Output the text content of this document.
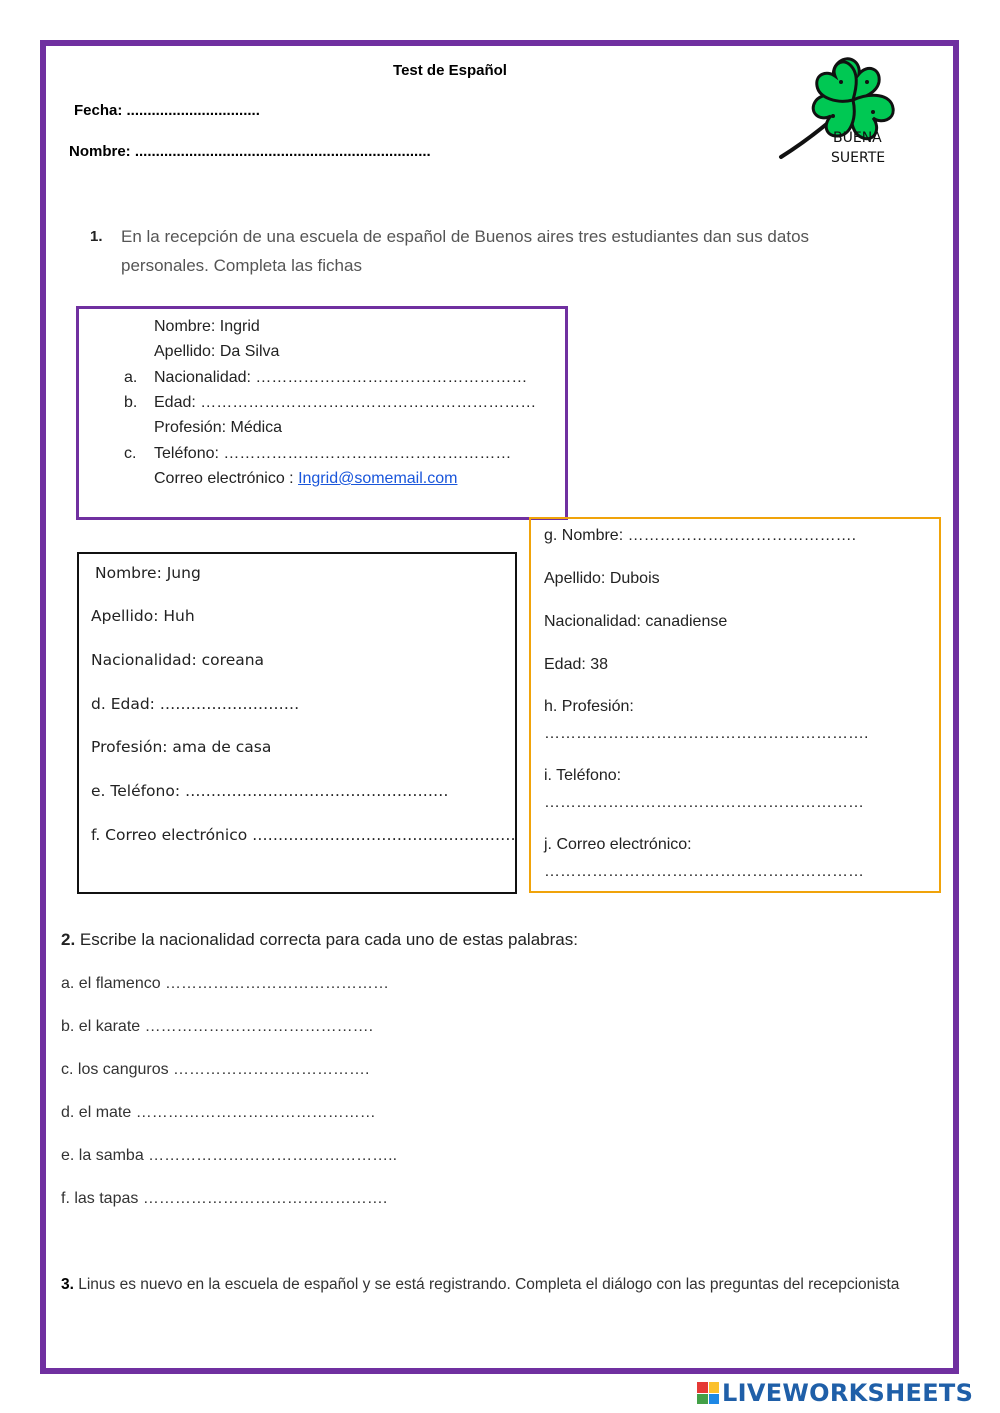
Test de Español
Fecha: ................................
Nombre: .......................................................................
BUENA
SUERTE
1. En la recepción de una escuela de español de Buenos aires tres estudiantes dan sus datos personales. Completa las fichas
Nombre: Ingrid
Apellido: Da Silva
a. Nacionalidad: ……………………………………………
b. Edad: ………………………………………………………
Profesión: Médica
c. Teléfono: ………………………………………………
Correo electrónico : Ingrid@somemail.com
Nombre: Jung
Apellido: Huh
Nacionalidad: coreana
d. Edad: ………………………
Profesión: ama de casa
e. Teléfono: ……………………………………………
f. Correo electrónico ……………………………………………
g. Nombre: …………………………………….
Apellido: Dubois
Nacionalidad: canadiense
Edad: 38
h. Profesión:
…………………………………………………….
i. Teléfono:
……………………………………………………
j. Correo electrónico:
……………………………………………………
2. Escribe la nacionalidad correcta para cada uno de estas palabras:
a. el flamenco ……………………………………
b. el karate …………………………………….
c. los canguros ……………………………….
d. el mate ………………………………………
e. la samba ………………………………………..
f. las tapas ……………………………………….
3. Linus es nuevo en la escuela de español y se está registrando. Completa el diálogo con las preguntas del recepcionista
LIVEWORKSHEETS
